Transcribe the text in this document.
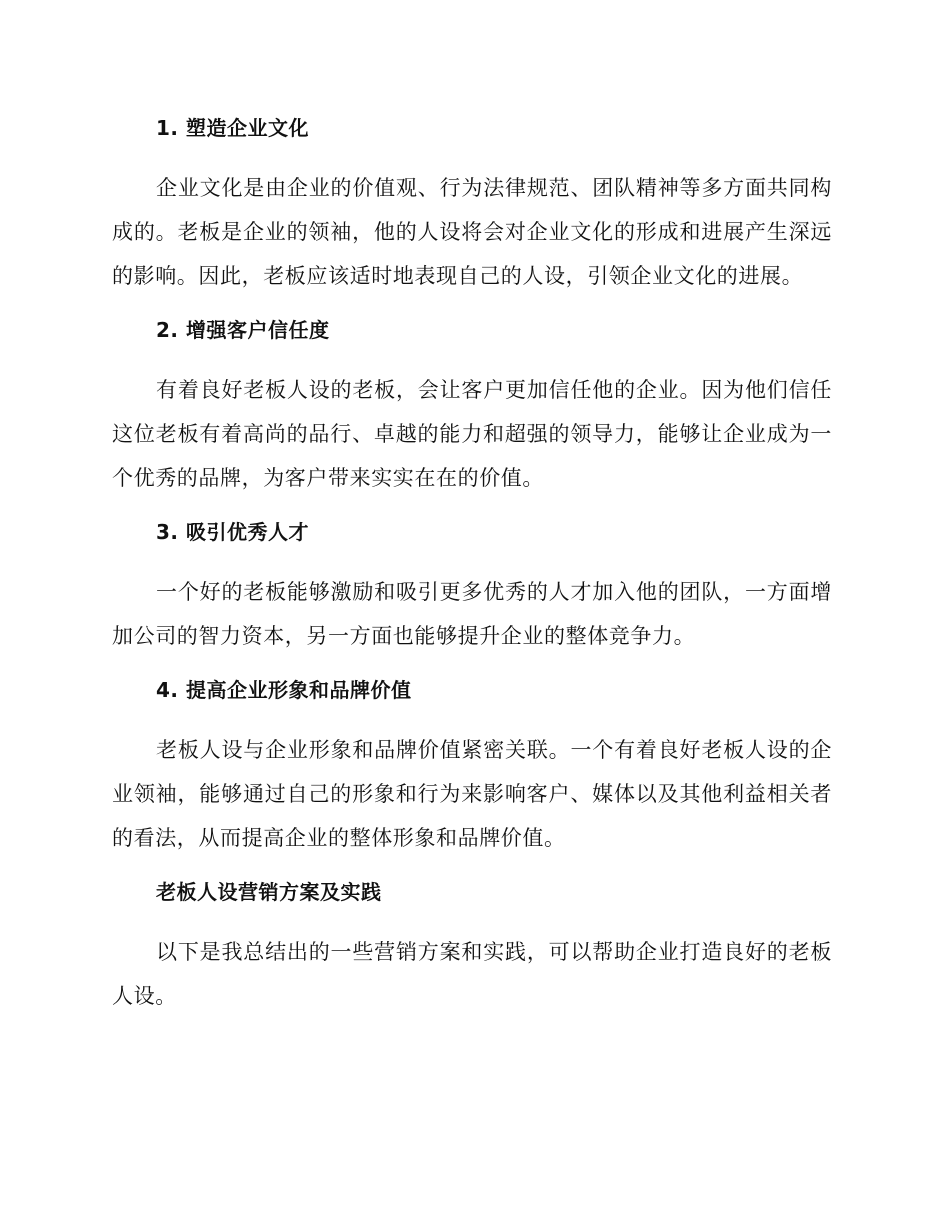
1. 塑造企业文化

企业文化是由企业的价值观、行为法律规范、团队精神等多方面共同构成的。老板是企业的领袖，他的人设将会对企业文化的形成和进展产生深远的影响。因此，老板应该适时地表现自己的人设，引领企业文化的进展。

2. 增强客户信任度

有着良好老板人设的老板，会让客户更加信任他的企业。因为他们信任这位老板有着高尚的品行、卓越的能力和超强的领导力，能够让企业成为一个优秀的品牌，为客户带来实实在在的价值。

3. 吸引优秀人才

一个好的老板能够激励和吸引更多优秀的人才加入他的团队，一方面增加公司的智力资本，另一方面也能够提升企业的整体竞争力。

4. 提高企业形象和品牌价值

老板人设与企业形象和品牌价值紧密关联。一个有着良好老板人设的企业领袖，能够通过自己的形象和行为来影响客户、媒体以及其他利益相关者的看法，从而提高企业的整体形象和品牌价值。

老板人设营销方案及实践

以下是我总结出的一些营销方案和实践，可以帮助企业打造良好的老板人设。
